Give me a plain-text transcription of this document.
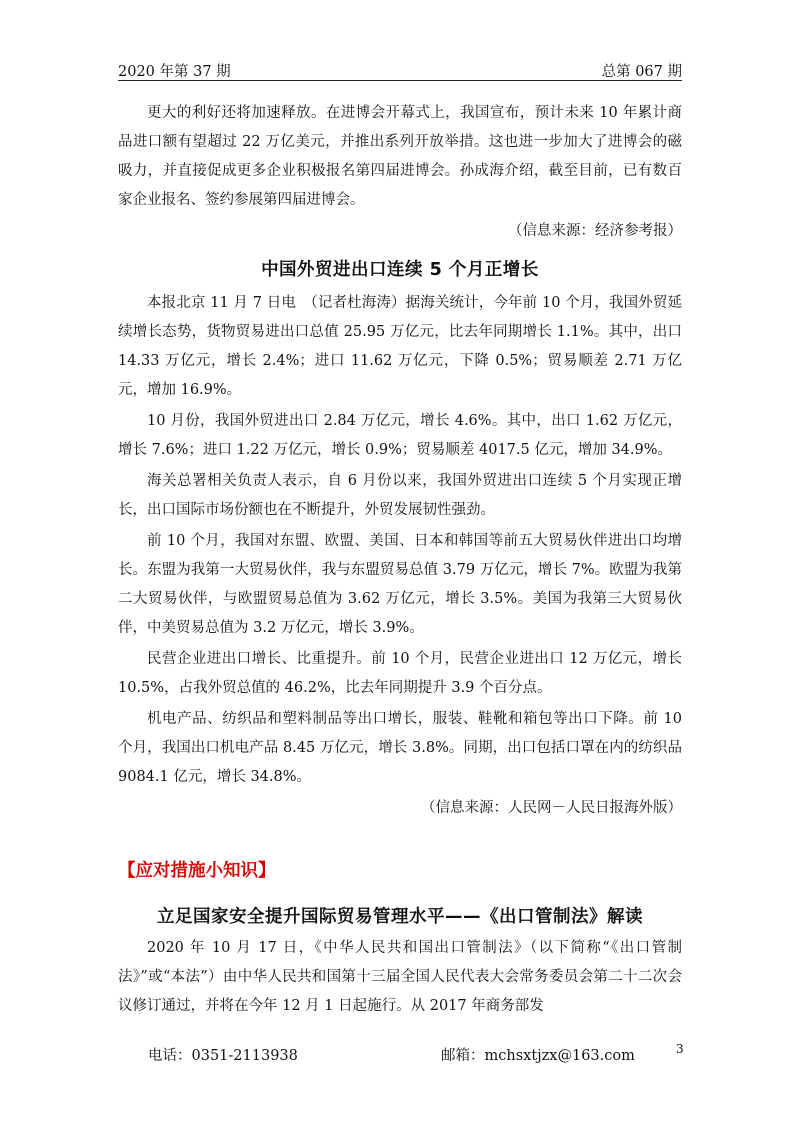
2020 年第 37 期	总第 067 期

更大的利好还将加速释放。在进博会开幕式上，我国宣布，预计未来 10 年累计商品进口额有望超过 22 万亿美元，并推出系列开放举措。这也进一步加大了进博会的磁吸力，并直接促成更多企业积极报名第四届进博会。孙成海介绍，截至目前，已有数百家企业报名、签约参展第四届进博会。

（信息来源：经济参考报）

中国外贸进出口连续 5 个月正增长

本报北京 11 月 7 日电　（记者杜海涛）据海关统计，今年前 10 个月，我国外贸延续增长态势，货物贸易进出口总值 25.95 万亿元，比去年同期增长 1.1%。其中，出口 14.33 万亿元，增长 2.4%；进口 11.62 万亿元，下降 0.5%；贸易顺差 2.71 万亿元，增加 16.9%。

10 月份，我国外贸进出口 2.84 万亿元，增长 4.6%。其中，出口 1.62 万亿元，增长 7.6%；进口 1.22 万亿元，增长 0.9%；贸易顺差 4017.5 亿元，增加 34.9%。

海关总署相关负责人表示，自 6 月份以来，我国外贸进出口连续 5 个月实现正增长，出口国际市场份额也在不断提升，外贸发展韧性强劲。

前 10 个月，我国对东盟、欧盟、美国、日本和韩国等前五大贸易伙伴进出口均增长。东盟为我第一大贸易伙伴，我与东盟贸易总值 3.79 万亿元，增长 7%。欧盟为我第二大贸易伙伴，与欧盟贸易总值为 3.62 万亿元，增长 3.5%。美国为我第三大贸易伙伴，中美贸易总值为 3.2 万亿元，增长 3.9%。

民营企业进出口增长、比重提升。前 10 个月，民营企业进出口 12 万亿元，增长 10.5%，占我外贸总值的 46.2%，比去年同期提升 3.9 个百分点。

机电产品、纺织品和塑料制品等出口增长，服装、鞋靴和箱包等出口下降。前 10 个月，我国出口机电产品 8.45 万亿元，增长 3.8%。同期，出口包括口罩在内的纺织品 9084.1 亿元，增长 34.8%。

（信息来源：人民网－人民日报海外版）

【应对措施小知识】
立足国家安全提升国际贸易管理水平——《出口管制法》解读

2020 年 10 月 17 日，《中华人民共和国出口管制法》（以下简称“《出口管制法》”或“本法”）由中华人民共和国第十三届全国人民代表大会常务委员会第二十二次会议修订通过，并将在今年 12 月 1 日起施行。从 2017 年商务部发

电话：0351-2113938	邮箱：mchsxtjzx@163.com	3
